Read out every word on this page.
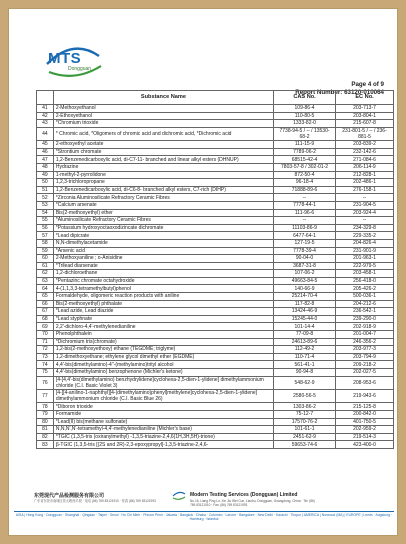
MTS
Dongguan
Page 4 of 9
Report Number: 63120-010064
	Substance Name	CAS No.	EC No.
41	2-Methoxyethanol	109-86-4	203-713-7
42	2-Ethoxyethanol	110-80-5	203-804-1
43	*Chromium trioxide	1333-82-0	215-607-8
44	* Chromic acid, *Oligomers of chromic acid and dichromic acid, *Dichromic acid	7738-94-5 / -- / 13530-68-2	231-801-5 / -- / 236-881-5
45	2-ethoxyethyl acetate	111-15-9	203-839-2
46	*Strontium chromate	7789-06-2	232-142-6
47	1,2-Benzenedicarboxylic acid, di-C7-11- branched and linear alkyl esters (DHNUP)	68515-42-4	271-084-6
48	Hydrazine	7803-57-8 / 302-01-2	206-114-9
49	1-methyl-2-pyrrolidone	872-50-4	212-828-1
50	1,2,3-trichloropropane	96-18-4	202-486-1
51	1,2-Benzenedicarboxylic acid, di-C6-8- branched alkyl esters, C7-rich (DIHP)	71888-89-6	276-158-1
52	*Zirconia Aluminosilicate Refractory Ceramic Fibres	--	--
53	*Calcium arsenate	7778-44-1	231-904-5
54	Bis(2-methoxyethyl) ether	111-96-6	203-924-4
55	*Aluminosilicate Refractory Ceramic Fibres	--	--
56	*Potassium hydroxyoctaoxodizincate dichromate	11103-86-9	234-329-8
57	*Lead dipicrate	6477-64-1	229-335-2
58	N,N-dimethylacetamide	127-19-5	204-826-4
59	*Arsenic acid	7778-39-4	231-901-9
60	2-Methoxyaniline ; o-Anisidine	90-04-0	201-963-1
61	*Trilead diarsenate	3687-31-8	222-979-5
62	1,2-dichloroethane	107-06-2	203-458-1
63	*Pentazinc chromate octahydroxide	49663-84-5	256-418-0
64	4-(1,1,3,3-tetramethylbutyl)phenol	140-66-9	205-426-2
65	Formaldehyde, oligomeric reaction products with aniline	25214-70-4	500-036-1
66	Bis(2-methoxyethyl) phthalate	117-82-8	204-212-6
67	*Lead azide, Lead diazide	13424-46-9	236-542-1
68	*Lead styphnate	15245-44-0	239-290-0
69	2,2'-dichloro-4,4'-methylenedianiline	101-14-4	202-918-9
70	Phenolphthalein	77-09-8	201-004-7
71	*Dichromium tris(chromate)	24613-89-6	246-356-2
72	1,2-bis(2-methoxyethoxy) ethane (TEGDME; triglyme)	112-49-2	203-977-3
73	1,2-dimethoxyethane; ethylene glycol dimethyl ether (EGDME)	110-71-4	203-794-9
74	4,4'-bis(dimethylamino)-4''-(methylamino)trityl alcohol	561-41-1	209-218-2
75	4,4'-bis(dimethylamino) benzophenone (Michler's ketone)	90-94-8	202-027-5
76	[4-[4,4'-bis(dimethylamino) benzhydrylidene]cyclohexa-2,5-dien-1-ylidene] dimethylammonium chloride (C.I. Basic Violet 3)	548-62-9	208-953-6
77	[4-[[4-anilino-1-naphthyl][4-(dimethylamino)phenyl]methylene]cyclohexa-2,5-dien-1-ylidene] dimethylammonium chloride (C.I. Basic Blue 26)	2580-56-5	219-943-6
78	*Diboron trioxide	1303-86-2	215-125-8
79	Formamide	75-12-7	200-842-0
80	*Lead(II) bis(methane sulfonate)	17570-76-2	401-750-5
81	N,N,N',N'-tetramethyl-4,4'-methylenedianiline (Michler's base)	101-61-1	202-959-2
82	*TGIC (1,3,5-tris (oxiranylmethyl) -1,3,5-triazine-2,4,6(1H,3H,5H)-trione)	2451-62-9	219-514-3
83	β-TGIC (1,3,5-tris [(2S and 2R)-2,3-epoxypropyl]-1,3,5-triazine-2,4,6-	59653-74-6	423-400-0
东莞现代产品检测服务有限公司
广东省东莞市南城区莞太路西平段 · 电话 (86) 769 83121910 · 传真 (86) 769 83121993
Modern Testing Services (Dongguan) Limited
No.16, Liang Ping Lu, Xin Jiu Wei Cun, Liaobu, Dongguan, Guangdong, China · Tel: (86) 769 83121910 · Fax: (86) 769 83121993
ASIA | Hong Kong · Dongguan · Shanghai · Qingdao · Taipei · Seoul · Ho Chi Minh · Phnom Penh · Jakarta · Bangkok · Dhaka · Colombo · Lahore · Bangalore · New Delhi · Karachi · Tirupur | AMERICA | Norwood (MA) | EUROPE | Leeds · Augsburg · Hamburg · Istanbul
